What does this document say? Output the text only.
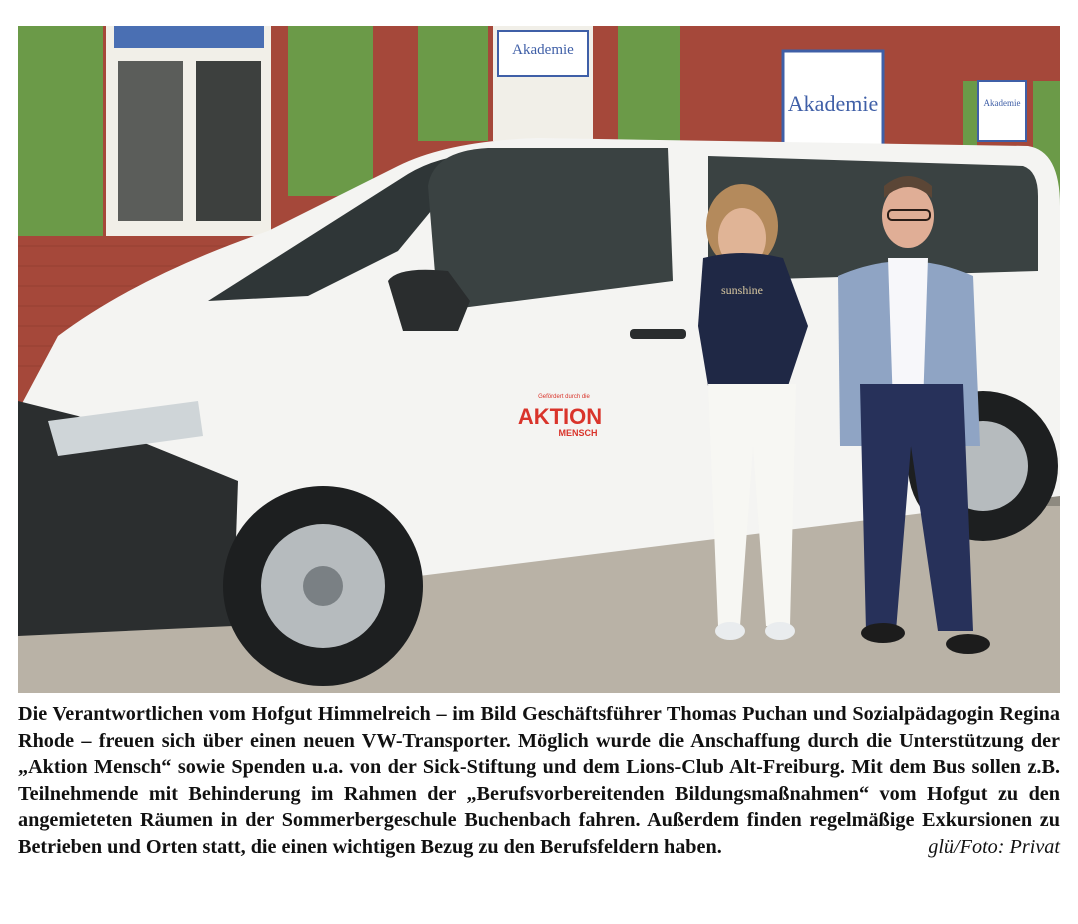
Akademie
Akademie	Akademie
Gefördert durch die
AKTION
MENSCH
sunshine

Die Verantwortlichen vom Hofgut Himmelreich – im Bild Geschäftsführer Thomas Puchan und Sozialpädagogin Regina Rhode – freuen sich über einen neuen VW-Transporter. Möglich wurde die Anschaffung durch die Unterstützung der „Aktion Mensch“ sowie Spenden u.a. von der Sick-Stiftung und dem Lions-Club Alt-Freiburg. Mit dem Bus sollen z.B. Teilnehmende mit Behinderung im Rahmen der „Berufsvorbereitenden Bildungsmaßnahmen“ vom Hofgut zu den angemieteten Räumen in der Sommerbergeschule Buchenbach fahren. Außerdem finden regelmäßige Exkursionen zu Betrieben und Orten statt, die einen wichtigen Bezug zu den Berufsfeldern haben.	glü/Foto: Privat
